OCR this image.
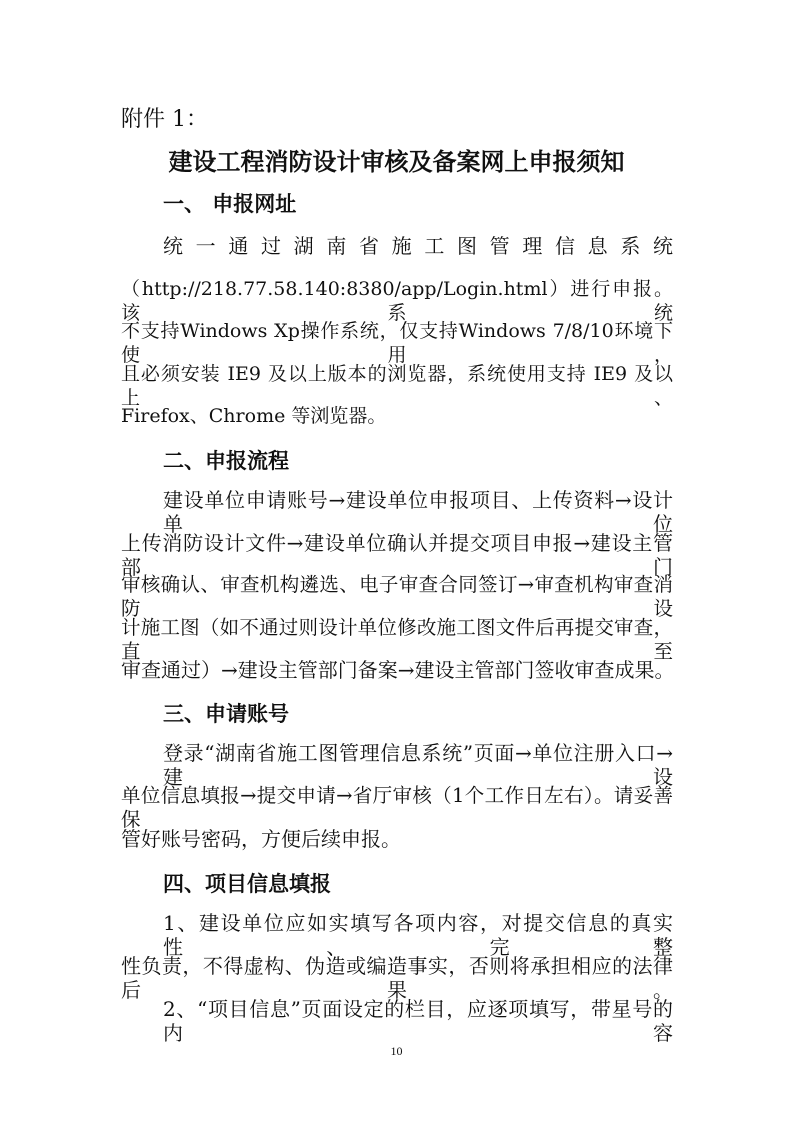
附件 1：
建设工程消防设计审核及备案网上申报须知
一、 申报网址
统一通过湖南省施工图管理信息系统
（http://218.77.58.140:8380/app/Login.html）进行申报。该系统
不支持Windows Xp操作系统，仅支持Windows 7/8/10环境下使用，
且必须安装 IE9 及以上版本的浏览器，系统使用支持 IE9 及以上、
Firefox、Chrome 等浏览器。
二、申报流程
建设单位申请账号→建设单位申报项目、上传资料→设计单位
上传消防设计文件→建设单位确认并提交项目申报→建设主管部门
审核确认、审查机构遴选、电子审查合同签订→审查机构审查消防设
计施工图（如不通过则设计单位修改施工图文件后再提交审查，直至
审查通过）→建设主管部门备案→建设主管部门签收审查成果。
三、申请账号
登录“湖南省施工图管理信息系统”页面→单位注册入口→建设
单位信息填报→提交申请→省厅审核（1个工作日左右）。请妥善保
管好账号密码，方便后续申报。
四、项目信息填报
1、建设单位应如实填写各项内容，对提交信息的真实性、完整
性负责，不得虚构、伪造或编造事实，否则将承担相应的法律后果。
2、“项目信息”页面设定的栏目，应逐项填写，带星号的内容
10
